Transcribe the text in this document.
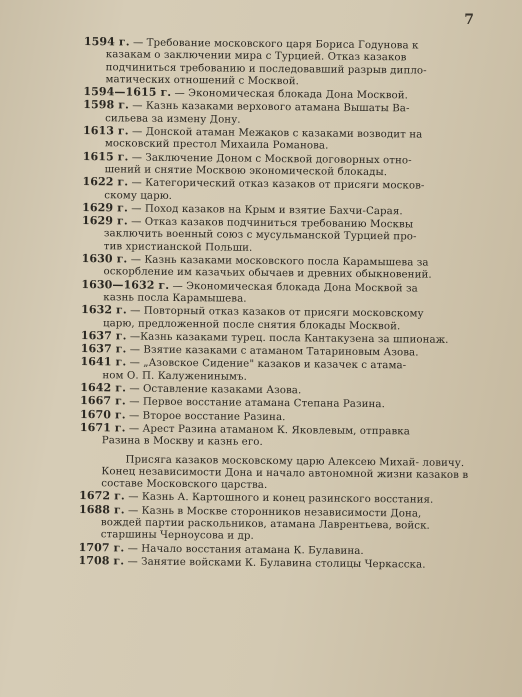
7

1594 г. — Требование московского царя Бориса Годунова к
казакам о заключении мира с Турцией. Отказ казаков
подчиниться требованию и последовавший разрыв дипло-
матических отношений с Москвой.

1594—1615 г. — Экономическая блокада Дона Москвой.

1598 г. — Казнь казаками верхового атамана Вышаты Ва-
сильева за измену Дону.

1613 г. — Донской атаман Межаков с казаками возводит на
московский престол Михаила Романова.

1615 г. — Заключение Доном с Москвой договорных отно-
шений и снятие Москвою экономической блокады.

1622 г. — Категорический отказ казаков от присяги москов-
скому царю.

1629 г. — Поход казаков на Крым и взятие Бахчи-Сарая.

1629 г. — Отказ казаков подчиниться требованию Москвы
заключить военный союз с мусульманской Турцией про-
тив христианской Польши.

1630 г. — Казнь казаками московского посла Карамышева за
оскорбление им казачьих обычаев и древних обыкновений.

1630—1632 г. — Экономическая блокада Дона Москвой за
казнь посла Карамышева.

1632 г. — Повторный отказ казаков от присяги московскому
царю, предложенной после снятия блокады Москвой.

1637 г. —Казнь казаками турец. посла Кантакузена за шпионаж.

1637 г. — Взятие казаками с атаманом Татариновым Азова.

1641 г. — „Азовское Сидение" казаков и казачек с атама-
ном О. П. Калуженинымъ.

1642 г. — Оставление казаками Азова.

1667 г. — Первое восстание атамана Степана Разина.

1670 г. — Второе восстание Разина.

1671 г. — Арест Разина атаманом К. Яковлевым, отправка
Разина в Москву и казнь его.

Присяга казаков московскому царю Алексею Михай- ловичу. Конец независимости Дона и начало автономной жизни казаков в составе Московского царства.

1672 г. — Казнь А. Картошного и конец разинского восстания.

1688 г. — Казнь в Москве сторонников независимости Дона,
вождей партии раскольников, атамана Лаврентьева, войск.
старшины Черноусова и др.

1707 г. — Начало восстания атамана К. Булавина.

1708 г. — Занятие войсками К. Булавина столицы Черкасска.
